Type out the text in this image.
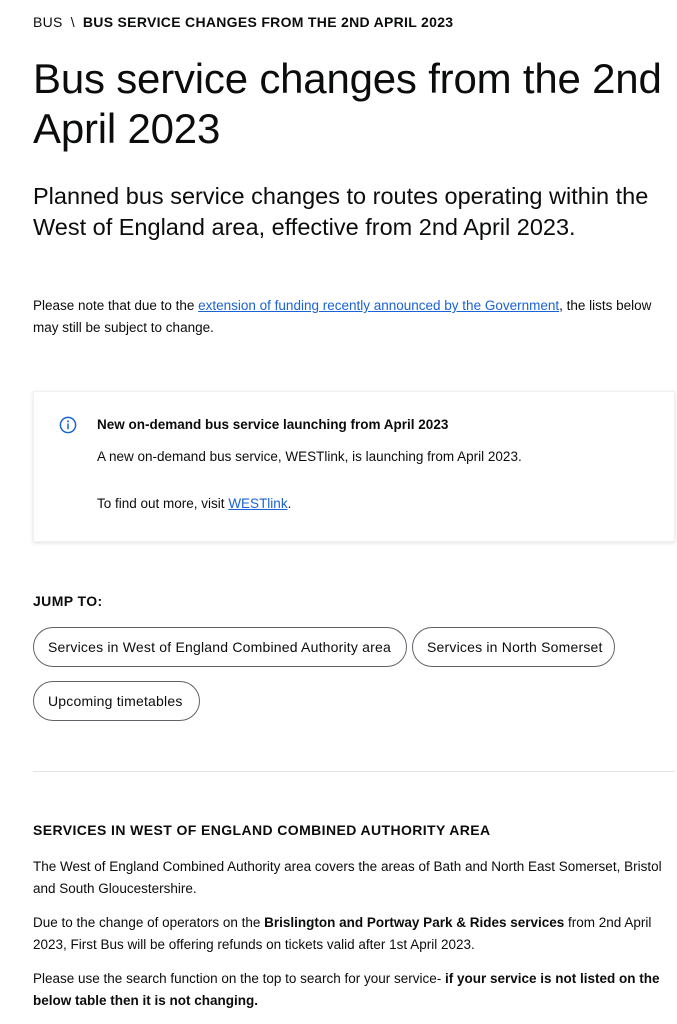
BUS \ BUS SERVICE CHANGES FROM THE 2ND APRIL 2023
Bus service changes from the 2nd April 2023

Planned bus service changes to routes operating within the West of England area, effective from 2nd April 2023.

Please note that due to the extension of funding recently announced by the Government, the lists below may still be subject to change.

New on-demand bus service launching from April 2023
A new on-demand bus service, WESTlink, is launching from April 2023.
To find out more, visit WESTlink.
JUMP TO:
Services in West of England Combined Authority area	Services in North Somerset
Upcoming timetables
SERVICES IN WEST OF ENGLAND COMBINED AUTHORITY AREA

The West of England Combined Authority area covers the areas of Bath and North East Somerset, Bristol and South Gloucestershire.

Due to the change of operators on the Brislington and Portway Park & Rides services from 2nd April 2023, First Bus will be offering refunds on tickets valid after 1st April 2023.

Please use the search function on the top to search for your service- if your service is not listed on the below table then it is not changing.
